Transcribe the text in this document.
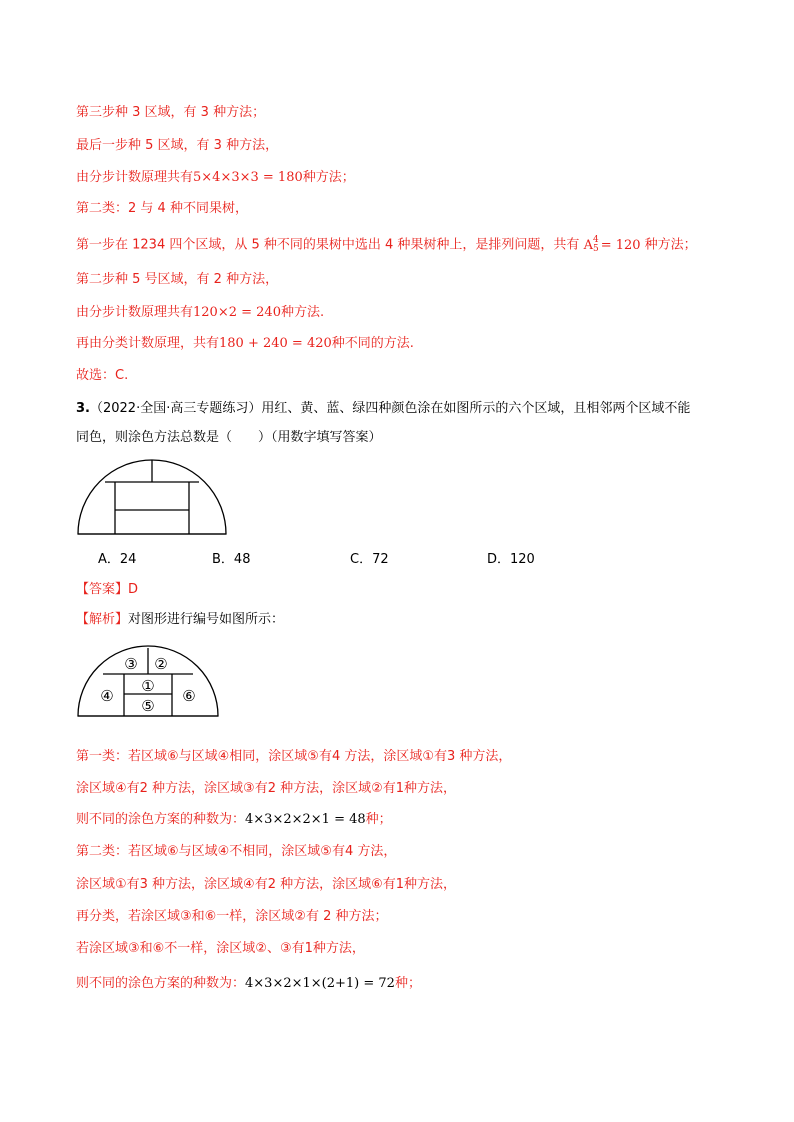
第三步种 3 区域，有 3 种方法；
最后一步种 5 区域，有 3 种方法，
由分步计数原理共有5×4×3×3 = 180种方法；
第二类：2 与 4 种不同果树，
第一步在 1234 四个区域，从 5 种不同的果树中选出 4 种果树种上，是排列问题，共有 A 4
5 = 120 种方法；
第二步种 5 号区域，有 2 种方法，
由分步计数原理共有120×2 = 240种方法.
再由分类计数原理，共有180 + 240 = 420种不同的方法.
故选：C.
3.（2022·全国·高三专题练习）用红、黄、蓝、绿四种颜色涂在如图所示的六个区域，且相邻两个区域不能
同色，则涂色方法总数是（　　）（用数字填写答案）
A．24	B．48	C．72	D．120
【答案】D
【解析】对图形进行编号如图所示：
③ ②
④
①
⑥
⑤
第一类：若区域⑥与区域④相同，涂区域⑤有4 方法，涂区域①有3 种方法，
涂区域④有2 种方法，涂区域③有2 种方法，涂区域②有1种方法，
则不同的涂色方案的种数为：4×3×2×2×1 = 48种；
第二类：若区域⑥与区域④不相同，涂区域⑤有4 方法，
涂区域①有3 种方法，涂区域④有2 种方法，涂区域⑥有1种方法，
再分类，若涂区域③和⑥一样，涂区域②有 2 种方法；
若涂区域③和⑥不一样，涂区域②、③有1种方法，
则不同的涂色方案的种数为：4×3×2×1×(2+1) = 72种；
